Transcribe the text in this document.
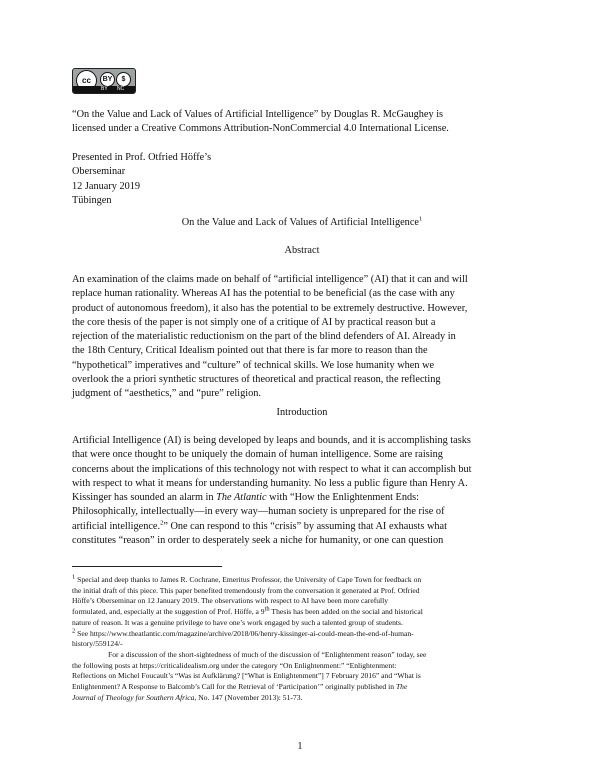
cc	BY	$
BY NC
“On the Value and Lack of Values of Artificial Intelligence” by Douglas R. McGaughey is
licensed under a Creative Commons Attribution-NonCommercial 4.0 International License.
Presented in Prof. Otfried Höffe’s
Oberseminar
12 January 2019
Tübingen
On the Value and Lack of Values of Artificial Intelligence$^1$
Abstract
An examination of the claims made on behalf of “artificial intelligence” (AI) that it can and will
replace human rationality. Whereas AI has the potential to be beneficial (as the case with any
product of autonomous freedom), it also has the potential to be extremely destructive. However,
the core thesis of the paper is not simply one of a critique of AI by practical reason but a
rejection of the materialistic reductionism on the part of the blind defenders of AI. Already in
the 18th Century, Critical Idealism pointed out that there is far more to reason than the
“hypothetical” imperatives and “culture” of technical skills. We lose humanity when we
overlook the a priori synthetic structures of theoretical and practical reason, the reflecting
judgment of “aesthetics,” and “pure” religion.
Introduction
Artificial Intelligence (AI) is being developed by leaps and bounds, and it is accomplishing tasks
that were once thought to be uniquely the domain of human intelligence. Some are raising
concerns about the implications of this technology not with respect to what it can accomplish but
with respect to what it means for understanding humanity. No less a public figure than Henry A.
Kissinger has sounded an alarm in The Atlantic with “How the Enlightenment Ends:
Philosophically, intellectually—in every way—human society is unprepared for the rise of
artificial intelligence.$^2$” One can respond to this “crisis” by assuming that AI exhausts what
constitutes “reason” in order to desperately seek a niche for humanity, or one can question
$^1$ Special and deep thanks to James R. Cochrane, Emeritus Professor, the University of Cape Town for feedback on
the initial draft of this piece. This paper benefited tremendously from the conversation it generated at Prof. Otfried
Höffe’s Oberseminar on 12 January 2019. The observations with respect to AI have been more carefully
formulated, and, especially at the suggestion of Prof. Höffe, a 9th Thesis has been added on the social and historical
nature of reason. It was a genuine privilege to have one’s work engaged by such a talented group of students.
$^2$ See https://www.theatlantic.com/magazine/archive/2018/06/henry-kissinger-ai-could-mean-the-end-of-human-
history/559124/-
For a discussion of the short-sightedness of much of the discussion of “Enlightenment reason” today, see
the following posts at https://criticalidealism.org under the category “On Enlightenment:” “Enlightenment:
Reflections on Michel Foucault’s “Was ist Aufklärung? [“What is Enlightenment”] 7 February 2016” and “What is
Enlightenment? A Response to Balcomb’s Call for the Retrieval of ‘Participation’” originally published in The
Journal of Theology for Southern Africa, No. 147 (November 2013): 51-73.
1
